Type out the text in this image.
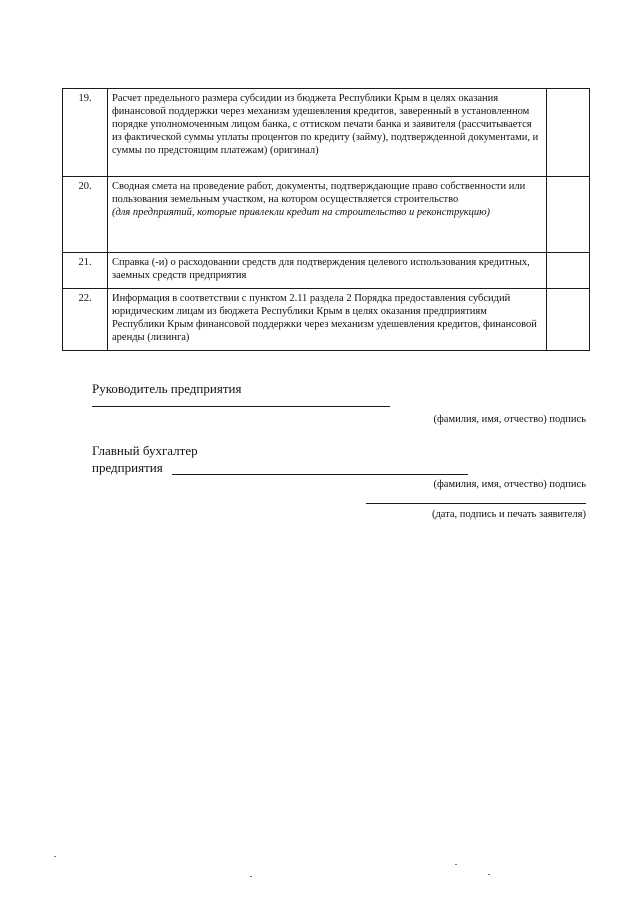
19.	Расчет предельного размера субсидии из бюджета Республики Крым в целях оказания финансовой поддержки через механизм удешевления кредитов, заверенный в установленном порядке уполномоченным лицом банка, с оттиском печати банка и заявителя (рассчитывается из фактической суммы уплаты процентов по кредиту (займу), подтвержденной документами, и суммы по предстоящим платежам) (оригинал)	
20.	Сводная смета на проведение работ, документы, подтверждающие право собственности или пользования земельным участком, на котором осуществляется строительство
(для предприятий, которые привлекли кредит на строительство и реконструкцию)	

21.	Справка (-и) о расходовании средств для подтверждения целевого использования кредитных, заемных средств предприятия	
22.	Информация в соответствии с пунктом 2.11 раздела 2 Порядка предоставления субсидий юридическим лицам из бюджета Республики Крым в целях оказания предприятиям Республики Крым финансовой поддержки через механизм удешевления кредитов, финансовой аренды (лизинга)	
Руководитель предприятия
(фамилия, имя, отчество) подпись
Главный бухгалтер
предприятия
(фамилия, имя, отчество) подпись
(дата, подпись и печать заявителя)
